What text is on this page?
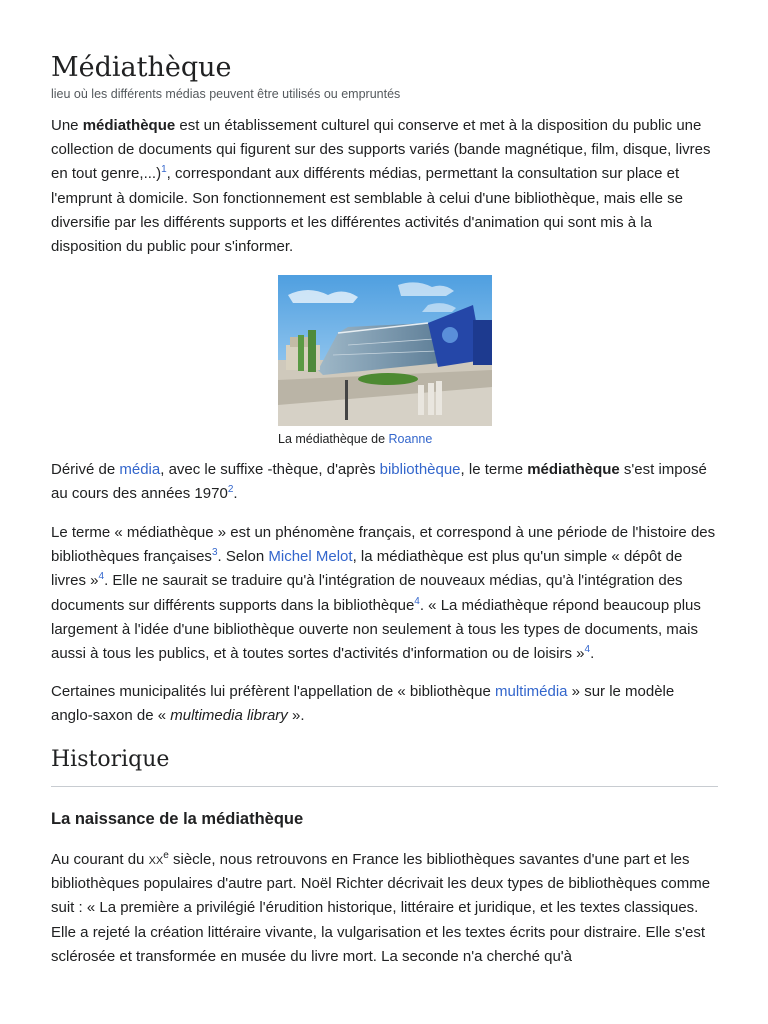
Médiathèque
lieu où les différents médias peuvent être utilisés ou empruntés

Une médiathèque est un établissement culturel qui conserve et met à la disposition du public une collection de documents qui figurent sur des supports variés (bande magnétique, film, disque, livres en tout genre,...)$^1$, correspondant aux différents médias, permettant la consultation sur place et l'emprunt à domicile. Son fonctionnement est semblable à celui d'une bibliothèque, mais elle se diversifie par les différents supports et les différentes activités d'animation qui sont mis à la disposition du public pour s'informer.

La médiathèque de Roanne

Dérivé de média, avec le suffixe -thèque, d'après bibliothèque, le terme médiathèque s'est imposé au cours des années 1970$^2$.

Le terme « médiathèque » est un phénomène français, et correspond à une période de l'histoire des bibliothèques françaises$^3$. Selon Michel Melot, la médiathèque est plus qu'un simple « dépôt de livres »$^4$. Elle ne saurait se traduire qu'à l'intégration de nouveaux médias, qu'à l'intégration des documents sur différents supports dans la bibliothèque$^4$. « La médiathèque répond beaucoup plus largement à l'idée d'une bibliothèque ouverte non seulement à tous les types de documents, mais aussi à tous les publics, et à toutes sortes d'activités d'information ou de loisirs »$^4$.

Certaines municipalités lui préfèrent l'appellation de « bibliothèque multimédia » sur le modèle anglo-saxon de « multimedia library ».

Historique
La naissance de la médiathèque

Au courant du $xx^e$ siècle, nous retrouvons en France les bibliothèques savantes d'une part et les bibliothèques populaires d'autre part. Noël Richter décrivait les deux types de bibliothèques comme suit : « La première a privilégié l'érudition historique, littéraire et juridique, et les textes classiques. Elle a rejeté la création littéraire vivante, la vulgarisation et les textes écrits pour distraire. Elle s'est sclérosée et transformée en musée du livre mort. La seconde n'a cherché qu'à
